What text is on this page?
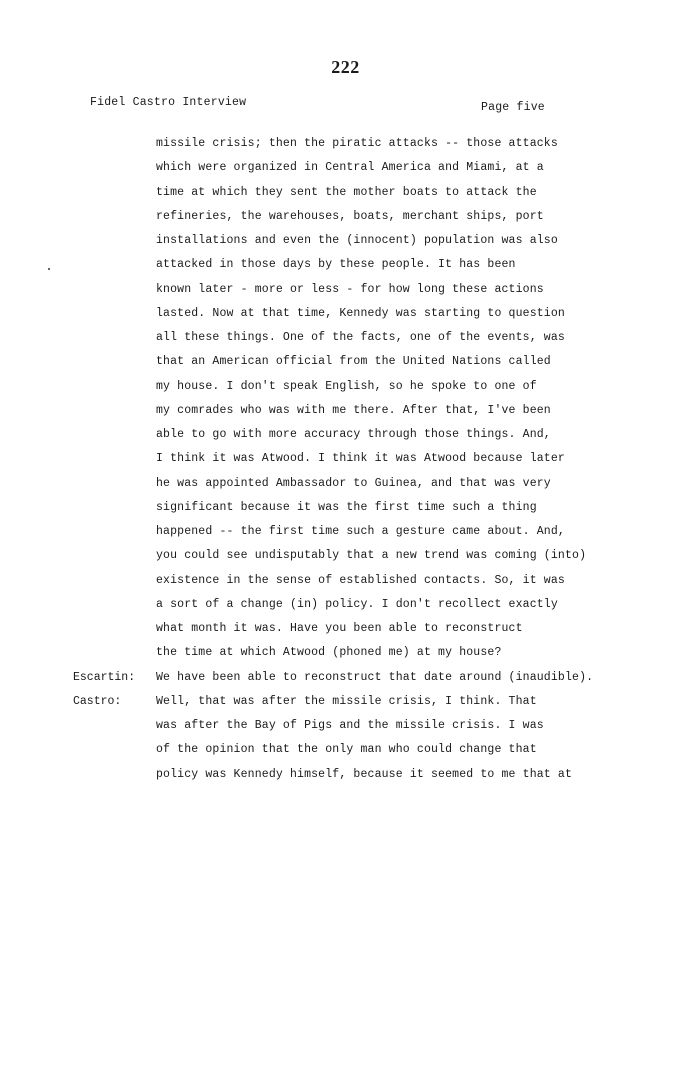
222
Fidel Castro Interview	Page five
missile crisis; then the piratic attacks -- those attacks
which were organized in Central America and Miami, at a
time at which they sent the mother boats to attack the
refineries, the warehouses, boats, merchant ships, port
installations and even the (innocent) population was also
attacked in those days by these people. It has been
known later - more or less - for how long these actions
lasted. Now at that time, Kennedy was starting to question
all these things. One of the facts, one of the events, was
that an American official from the United Nations called
my house. I don't speak English, so he spoke to one of
my comrades who was with me there. After that, I've been
able to go with more accuracy through those things. And,
I think it was Atwood. I think it was Atwood because later
he was appointed Ambassador to Guinea, and that was very
significant because it was the first time such a thing
happened -- the first time such a gesture came about. And,
you could see undisputably that a new trend was coming (into)
existence in the sense of established contacts. So, it was
a sort of a change (in) policy. I don't recollect exactly
what month it was. Have you been able to reconstruct
the time at which Atwood (phoned me) at my house?
Escartin: We have been able to reconstruct that date around (inaudible).
Castro:	Well, that was after the missile crisis, I think. That
was after the Bay of Pigs and the missile crisis. I was
of the opinion that the only man who could change that
policy was Kennedy himself, because it seemed to me that at
